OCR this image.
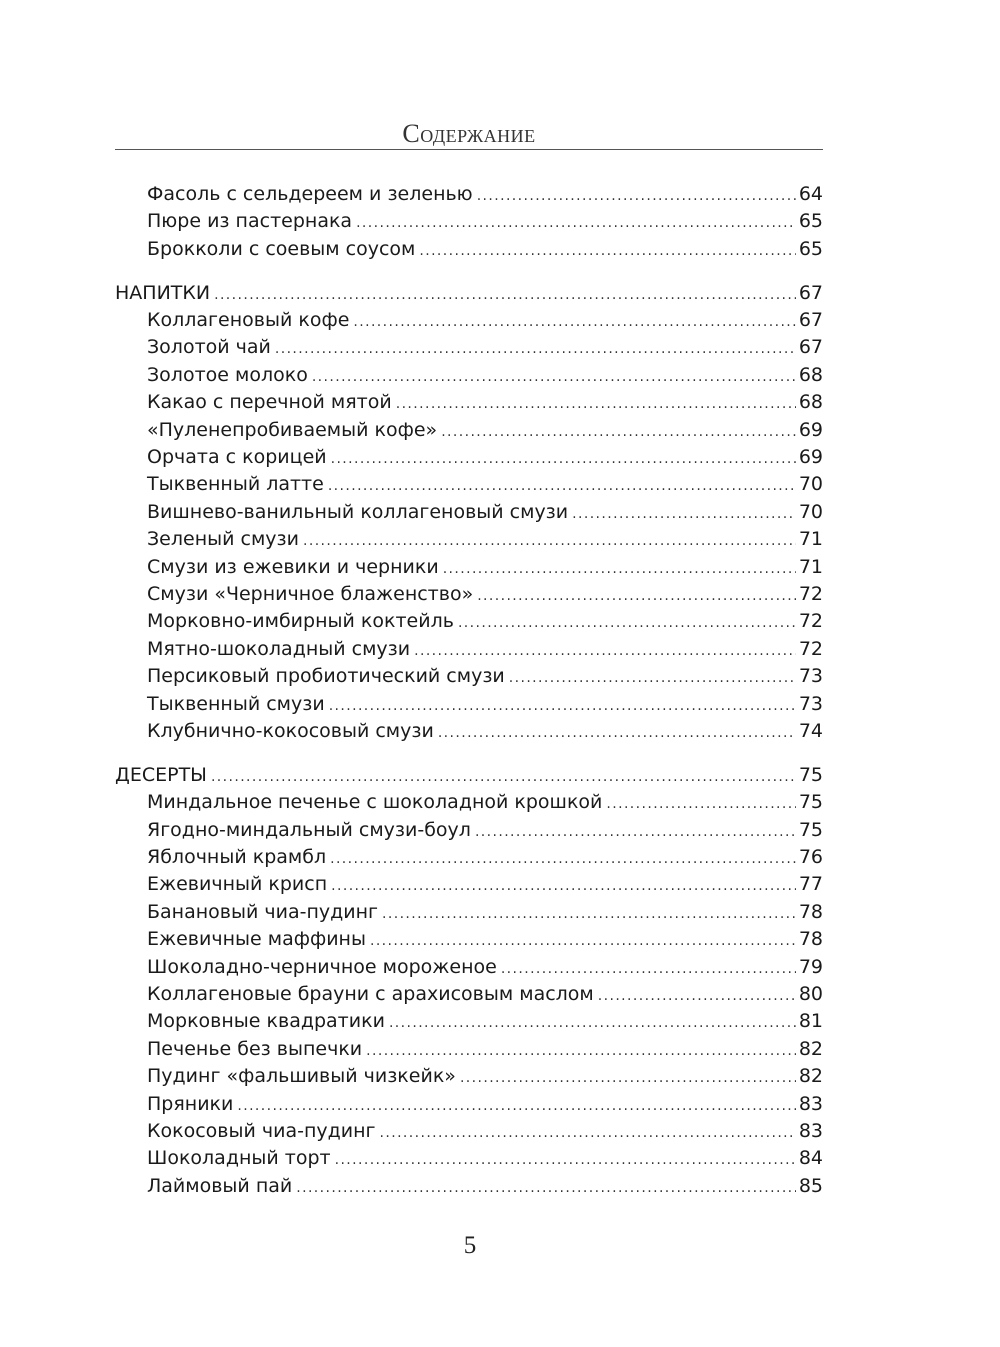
Содержание
Фасоль с сельдереем и зеленью .....	64
Пюре из пастернака .....	65
Брокколи с соевым соусом .....	65
НАПИТКИ .....	67
Коллагеновый кофе .....	67
Золотой чай .....	67
Золотое молоко .....	68
Какао с перечной мятой .....	68
«Пуленепробиваемый кофе» .....	69
Орчата с корицей .....	69
Тыквенный латте .....	70
Вишнево-ванильный коллагеновый смузи .....	70
Зеленый смузи .....	71
Смузи из ежевики и черники .....	71
Смузи «Черничное блаженство» .....	72
Морковно-имбирный коктейль .....	72
Мятно-шоколадный смузи .....	72
Персиковый пробиотический смузи .....	73
Тыквенный смузи .....	73
Клубнично-кокосовый смузи .....	74
ДЕСЕРТЫ .....	75
Миндальное печенье с шоколадной крошкой .....	75
Ягодно-миндальный смузи-боул .....	75
Яблочный крамбл .....	76
Ежевичный крисп .....	77
Банановый чиа-пудинг .....	78
Ежевичные маффины .....	78
Шоколадно-черничное мороженое .....	79
Коллагеновые брауни с арахисовым маслом .....	80
Морковные квадратики .....	81
Печенье без выпечки .....	82
Пудинг «фальшивый чизкейк» .....	82
Пряники .....	83
Кокосовый чиа-пудинг .....	83
Шоколадный торт .....	84
Лаймовый пай .....	85
5
